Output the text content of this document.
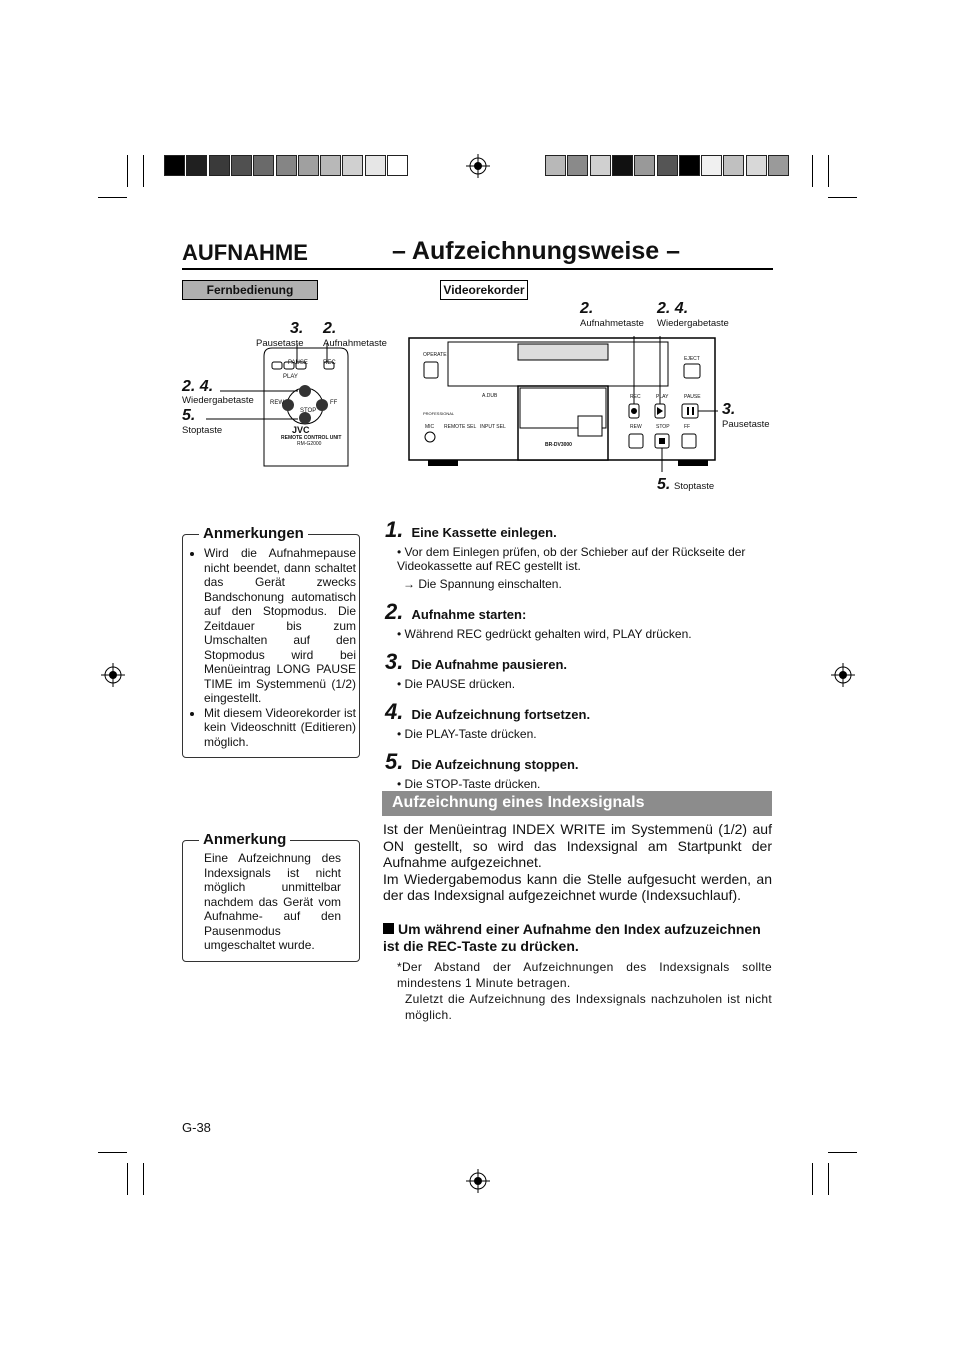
AUFNAHME	– Aufzeichnungsweise –
Fernbedienung	Videorekorder
PLAY
STOP
REW	FF
PAUSE	REC
JVC
REMOTE CONTROL UNIT
RM-G2000
3.
Pausetaste
2.
Aufnahmetaste
2. 4.
Wiedergabetaste
5.
Stoptaste
OPERATE
EJECT
PAUSE
REC	PLAY
REW	STOP	FF
A.DUB
MIC REMOTE SEL INPUT SEL
BR-DV3000
PROFESSIONAL
2.
Aufnahmetaste
2. 4.
Wiedergabetaste
3.
Pausetaste
5. Stoptaste
Anmerkungen
• Wird die Aufnahmepause nicht beendet, dann schaltet das Gerät zwecks Bandschonung automatisch auf den Stopmodus. Die Zeitdauer bis zum Umschalten auf den Stopmodus wird bei Menüeintrag LONG PAUSE TIME im Systemmenü (1/2) eingestellt.
• Mit diesem Videorekorder ist kein Videoschnitt (Editieren) möglich.
1. Eine Kassette einlegen.
• Vor dem Einlegen prüfen, ob der Schieber auf der Rückseite der Videokassette auf REC gestellt ist.
→ Die Spannung einschalten.
2. Aufnahme starten:
• Während REC gedrückt gehalten wird, PLAY drücken.
3. Die Aufnahme pausieren.
• Die PAUSE drücken.
4. Die Aufzeichnung fortsetzen.
• Die PLAY-Taste drücken.
5. Die Aufzeichnung stoppen.
• Die STOP-Taste drücken.
Aufzeichnung eines Indexsignals
Ist der Menüeintrag INDEX WRITE im Systemmenü (1/2) auf ON gestellt, so wird das Indexsignal am Startpunkt der Aufnahme aufgezeichnet.
Im Wiedergabemodus kann die Stelle aufgesucht werden, an der das Indexsignal aufgezeichnet wurde (Indexsuchlauf).
Um während einer Aufnahme den Index aufzuzeichnen ist die REC-Taste zu drücken.
*Der Abstand der Aufzeichnungen des Indexsignals sollte mindestens 1 Minute betragen.
Zuletzt die Aufzeichnung des Indexsignals nachzuholen ist nicht möglich.
Anmerkung
Eine Aufzeichnung des Indexsignals ist nicht möglich unmittelbar nachdem das Gerät vom Aufnahme- auf den Pausenmodus umgeschaltet wurde.
G-38
